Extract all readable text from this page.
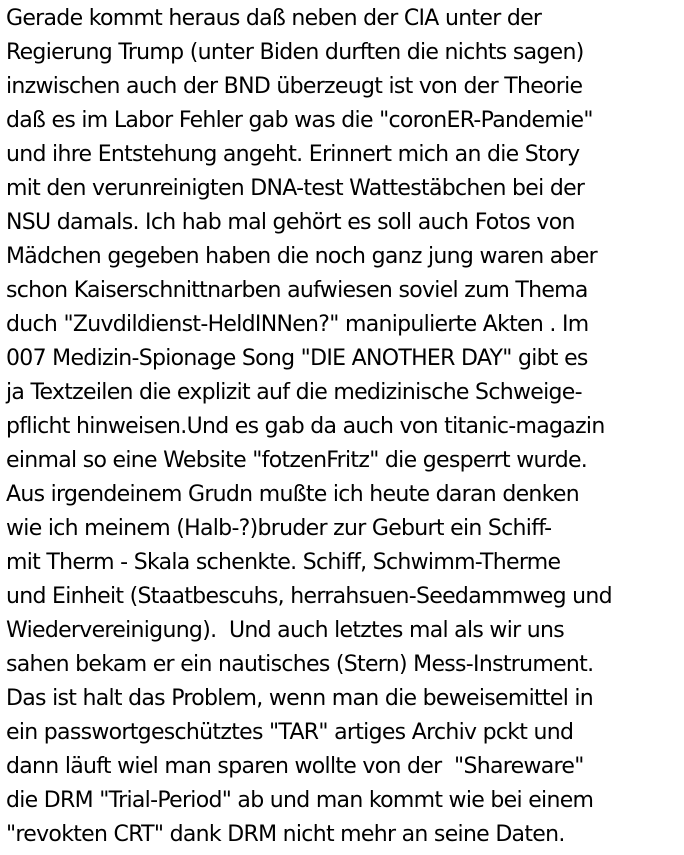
Gerade kommt heraus daß neben der CIA unter der
Regierung Trump (unter Biden durften die nichts sagen)
inzwischen auch der BND überzeugt ist von der Theorie
daß es im Labor Fehler gab was die "coronER-Pandemie"
und ihre Entstehung angeht. Erinnert mich an die Story
mit den verunreinigten DNA-test Wattestäbchen bei der
NSU damals. Ich hab mal gehört es soll auch Fotos von
Mädchen gegeben haben die noch ganz jung waren aber
schon Kaiserschnittnarben aufwiesen soviel zum Thema
duch "Zuvdildienst-HeldINNen?" manipulierte Akten . Im
007 Medizin-Spionage Song "DIE ANOTHER DAY" gibt es
ja Textzeilen die explizit auf die medizinische Schweige-
pflicht hinweisen.Und es gab da auch von titanic-magazin
einmal so eine Website "fotzenFritz" die gesperrt wurde.
Aus irgendeinem Grudn mußte ich heute daran denken
wie ich meinem (Halb-?)bruder zur Geburt ein Schiff-
mit Therm - Skala schenkte. Schiff, Schwimm-Therme
und Einheit (Staatbescuhs, herrahsuen-Seedammweg und
Wiedervereinigung).  Und auch letztes mal als wir uns
sahen bekam er ein nautisches (Stern) Mess-Instrument.
Das ist halt das Problem, wenn man die beweisemittel in
ein passwortgeschütztes "TAR" artiges Archiv pckt und
dann läuft wiel man sparen wollte von der  "Shareware"
die DRM "Trial-Period" ab und man kommt wie bei einem
"revokten CRT" dank DRM nicht mehr an seine Daten.
